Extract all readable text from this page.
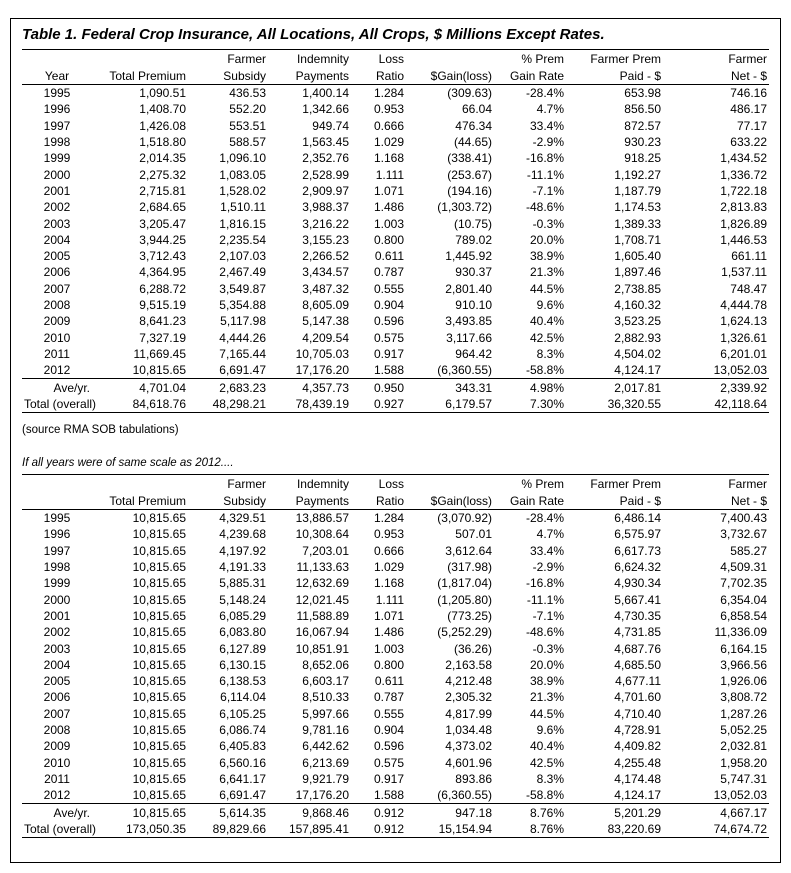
Table 1. Federal Crop Insurance, All Locations, All Crops, $ Millions Except Rates.
		Farmer	Indemnity	Loss		% Prem	Farmer Prem	Farmer
Year	Total Premium	Subsidy	Payments	Ratio	$Gain(loss)	Gain Rate	Paid - $	Net - $
1995	1,090.51	436.53	1,400.14	1.284	(309.63)	-28.4%	653.98	746.16
1996	1,408.70	552.20	1,342.66	0.953	66.04	4.7%	856.50	486.17
1997	1,426.08	553.51	949.74	0.666	476.34	33.4%	872.57	77.17
1998	1,518.80	588.57	1,563.45	1.029	(44.65)	-2.9%	930.23	633.22
1999	2,014.35	1,096.10	2,352.76	1.168	(338.41)	-16.8%	918.25	1,434.52
2000	2,275.32	1,083.05	2,528.99	1.111	(253.67)	-11.1%	1,192.27	1,336.72
2001	2,715.81	1,528.02	2,909.97	1.071	(194.16)	-7.1%	1,187.79	1,722.18
2002	2,684.65	1,510.11	3,988.37	1.486	(1,303.72)	-48.6%	1,174.53	2,813.83
2003	3,205.47	1,816.15	3,216.22	1.003	(10.75)	-0.3%	1,389.33	1,826.89
2004	3,944.25	2,235.54	3,155.23	0.800	789.02	20.0%	1,708.71	1,446.53
2005	3,712.43	2,107.03	2,266.52	0.611	1,445.92	38.9%	1,605.40	661.11
2006	4,364.95	2,467.49	3,434.57	0.787	930.37	21.3%	1,897.46	1,537.11
2007	6,288.72	3,549.87	3,487.32	0.555	2,801.40	44.5%	2,738.85	748.47
2008	9,515.19	5,354.88	8,605.09	0.904	910.10	9.6%	4,160.32	4,444.78
2009	8,641.23	5,117.98	5,147.38	0.596	3,493.85	40.4%	3,523.25	1,624.13
2010	7,327.19	4,444.26	4,209.54	0.575	3,117.66	42.5%	2,882.93	1,326.61
2011	11,669.45	7,165.44	10,705.03	0.917	964.42	8.3%	4,504.02	6,201.01
2012	10,815.65	6,691.47	17,176.20	1.588	(6,360.55)	-58.8%	4,124.17	13,052.03
Ave/yr.	4,701.04	2,683.23	4,357.73	0.950	343.31	4.98%	2,017.81	2,339.92
Total (overall)	84,618.76	48,298.21	78,439.19	0.927	6,179.57	7.30%	36,320.55	42,118.64
(source RMA SOB tabulations)
If all years were of same scale as 2012....
		Farmer	Indemnity	Loss		% Prem	Farmer Prem	Farmer
	Total Premium	Subsidy	Payments	Ratio	$Gain(loss)	Gain Rate	Paid - $	Net - $
1995	10,815.65	4,329.51	13,886.57	1.284	(3,070.92)	-28.4%	6,486.14	7,400.43
1996	10,815.65	4,239.68	10,308.64	0.953	507.01	4.7%	6,575.97	3,732.67
1997	10,815.65	4,197.92	7,203.01	0.666	3,612.64	33.4%	6,617.73	585.27
1998	10,815.65	4,191.33	11,133.63	1.029	(317.98)	-2.9%	6,624.32	4,509.31
1999	10,815.65	5,885.31	12,632.69	1.168	(1,817.04)	-16.8%	4,930.34	7,702.35
2000	10,815.65	5,148.24	12,021.45	1.111	(1,205.80)	-11.1%	5,667.41	6,354.04
2001	10,815.65	6,085.29	11,588.89	1.071	(773.25)	-7.1%	4,730.35	6,858.54
2002	10,815.65	6,083.80	16,067.94	1.486	(5,252.29)	-48.6%	4,731.85	11,336.09
2003	10,815.65	6,127.89	10,851.91	1.003	(36.26)	-0.3%	4,687.76	6,164.15
2004	10,815.65	6,130.15	8,652.06	0.800	2,163.58	20.0%	4,685.50	3,966.56
2005	10,815.65	6,138.53	6,603.17	0.611	4,212.48	38.9%	4,677.11	1,926.06
2006	10,815.65	6,114.04	8,510.33	0.787	2,305.32	21.3%	4,701.60	3,808.72
2007	10,815.65	6,105.25	5,997.66	0.555	4,817.99	44.5%	4,710.40	1,287.26
2008	10,815.65	6,086.74	9,781.16	0.904	1,034.48	9.6%	4,728.91	5,052.25
2009	10,815.65	6,405.83	6,442.62	0.596	4,373.02	40.4%	4,409.82	2,032.81
2010	10,815.65	6,560.16	6,213.69	0.575	4,601.96	42.5%	4,255.48	1,958.20
2011	10,815.65	6,641.17	9,921.79	0.917	893.86	8.3%	4,174.48	5,747.31
2012	10,815.65	6,691.47	17,176.20	1.588	(6,360.55)	-58.8%	4,124.17	13,052.03
Ave/yr.	10,815.65	5,614.35	9,868.46	0.912	947.18	8.76%	5,201.29	4,667.17
Total (overall)	173,050.35	89,829.66	157,895.41	0.912	15,154.94	8.76%	83,220.69	74,674.72
